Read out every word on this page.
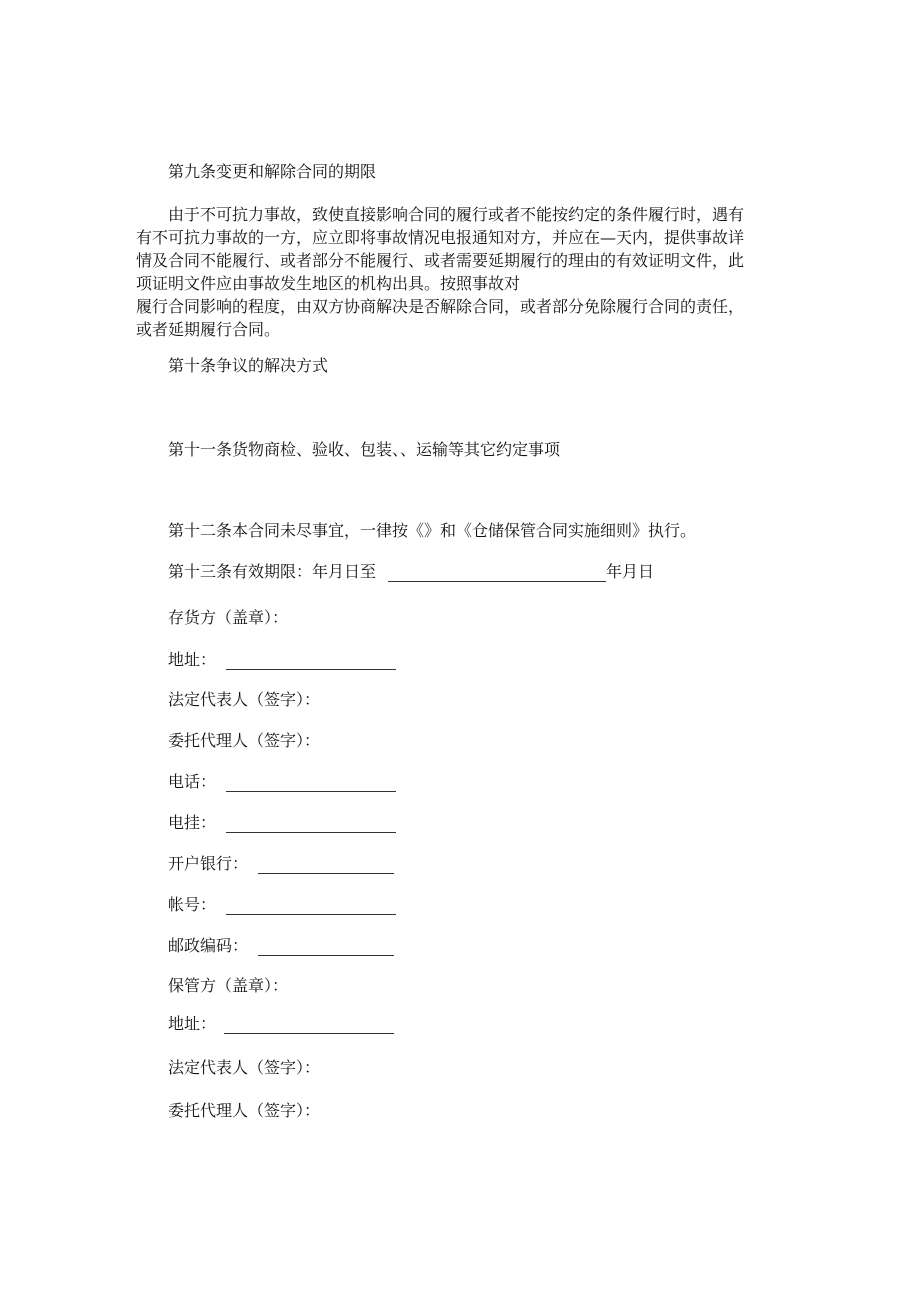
第九条变更和解除合同的期限
由于不可抗力事故，致使直接影响合同的履行或者不能按约定的条件履行时，遇有
有不可抗力事故的一方，应立即将事故情况电报通知对方，并应在—天内，提供事故详
情及合同不能履行、或者部分不能履行、或者需要延期履行的理由的有效证明文件，此
项证明文件应由事故发生地区的机构出具。按照事故对
履行合同影响的程度，由双方协商解决是否解除合同，或者部分免除履行合同的责任，
或者延期履行合同。
第十条争议的解决方式
第十一条货物商检、验收、包装、、运输等其它约定事项
第十二条本合同未尽事宜，一律按《》和《仓储保管合同实施细则》执行。
第十三条有效期限：年月日至	年月日
存货方（盖章）：
地址：
法定代表人（签字）：
委托代理人（签字）：
电话：
电挂：
开户银行：
帐号：
邮政编码：
保管方（盖章）：
地址：
法定代表人（签字）：
委托代理人（签字）：
